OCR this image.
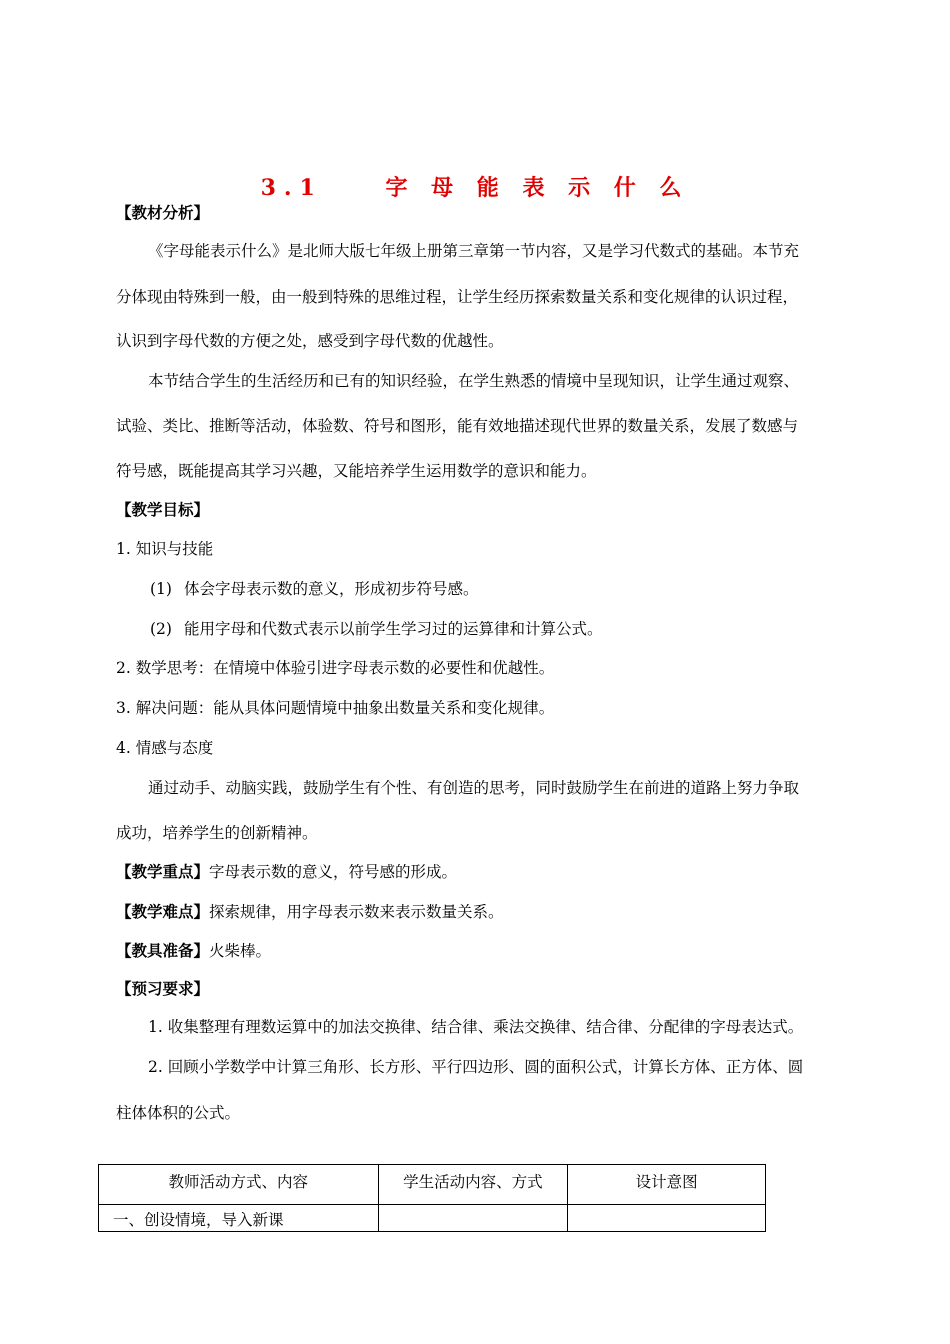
3.1    字 母 能 表 示 什 么
【教材分析】
《字母能表示什么》是北师大版七年级上册第三章第一节内容，又是学习代数式的基础。本节充
分体现由特殊到一般，由一般到特殊的思维过程，让学生经历探索数量关系和变化规律的认识过程，
认识到字母代数的方便之处，感受到字母代数的优越性。
本节结合学生的生活经历和已有的知识经验，在学生熟悉的情境中呈现知识，让学生通过观察、
试验、类比、推断等活动，体验数、符号和图形，能有效地描述现代世界的数量关系，发展了数感与
符号感，既能提高其学习兴趣，又能培养学生运用数学的意识和能力。
【教学目标】
1. 知识与技能
(1) 体会字母表示数的意义，形成初步符号感。
(2) 能用字母和代数式表示以前学生学习过的运算律和计算公式。
2. 数学思考：在情境中体验引进字母表示数的必要性和优越性。
3. 解决问题：能从具体问题情境中抽象出数量关系和变化规律。
4. 情感与态度
通过动手、动脑实践，鼓励学生有个性、有创造的思考，同时鼓励学生在前进的道路上努力争取
成功，培养学生的创新精神。
【教学重点】字母表示数的意义，符号感的形成。
【教学难点】探索规律，用字母表示数来表示数量关系。
【教具准备】火柴棒。
【预习要求】
1. 收集整理有理数运算中的加法交换律、结合律、乘法交换律、结合律、分配律的字母表达式。
2. 回顾小学数学中计算三角形、长方形、平行四边形、圆的面积公式，计算长方体、正方体、圆
柱体体积的公式。
教师活动方式、内容	学生活动内容、方式	设计意图
一、创设情境，导入新课		
